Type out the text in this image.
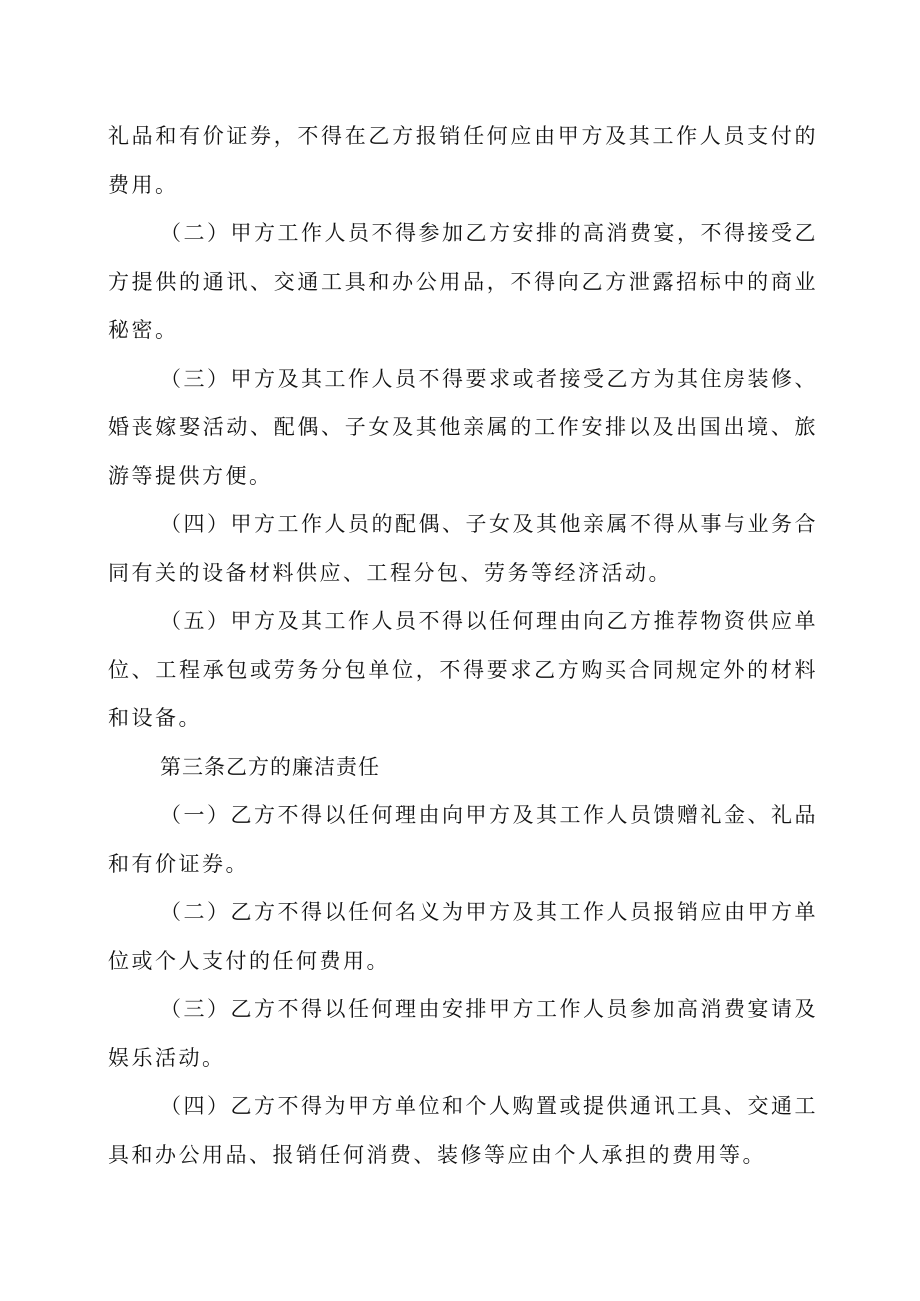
礼品和有价证券，不得在乙方报销任何应由甲方及其工作人员支付的费用。

（二）甲方工作人员不得参加乙方安排的高消费宴，不得接受乙方提供的通讯、交通工具和办公用品，不得向乙方泄露招标中的商业秘密。

（三）甲方及其工作人员不得要求或者接受乙方为其住房装修、婚丧嫁娶活动、配偶、子女及其他亲属的工作安排以及出国出境、旅游等提供方便。

（四）甲方工作人员的配偶、子女及其他亲属不得从事与业务合同有关的设备材料供应、工程分包、劳务等经济活动。

（五）甲方及其工作人员不得以任何理由向乙方推荐物资供应单位、工程承包或劳务分包单位，不得要求乙方购买合同规定外的材料和设备。

第三条乙方的廉洁责任

（一）乙方不得以任何理由向甲方及其工作人员馈赠礼金、礼品和有价证券。

（二）乙方不得以任何名义为甲方及其工作人员报销应由甲方单位或个人支付的任何费用。

（三）乙方不得以任何理由安排甲方工作人员参加高消费宴请及娱乐活动。

（四）乙方不得为甲方单位和个人购置或提供通讯工具、交通工具和办公用品、报销任何消费、装修等应由个人承担的费用等。
